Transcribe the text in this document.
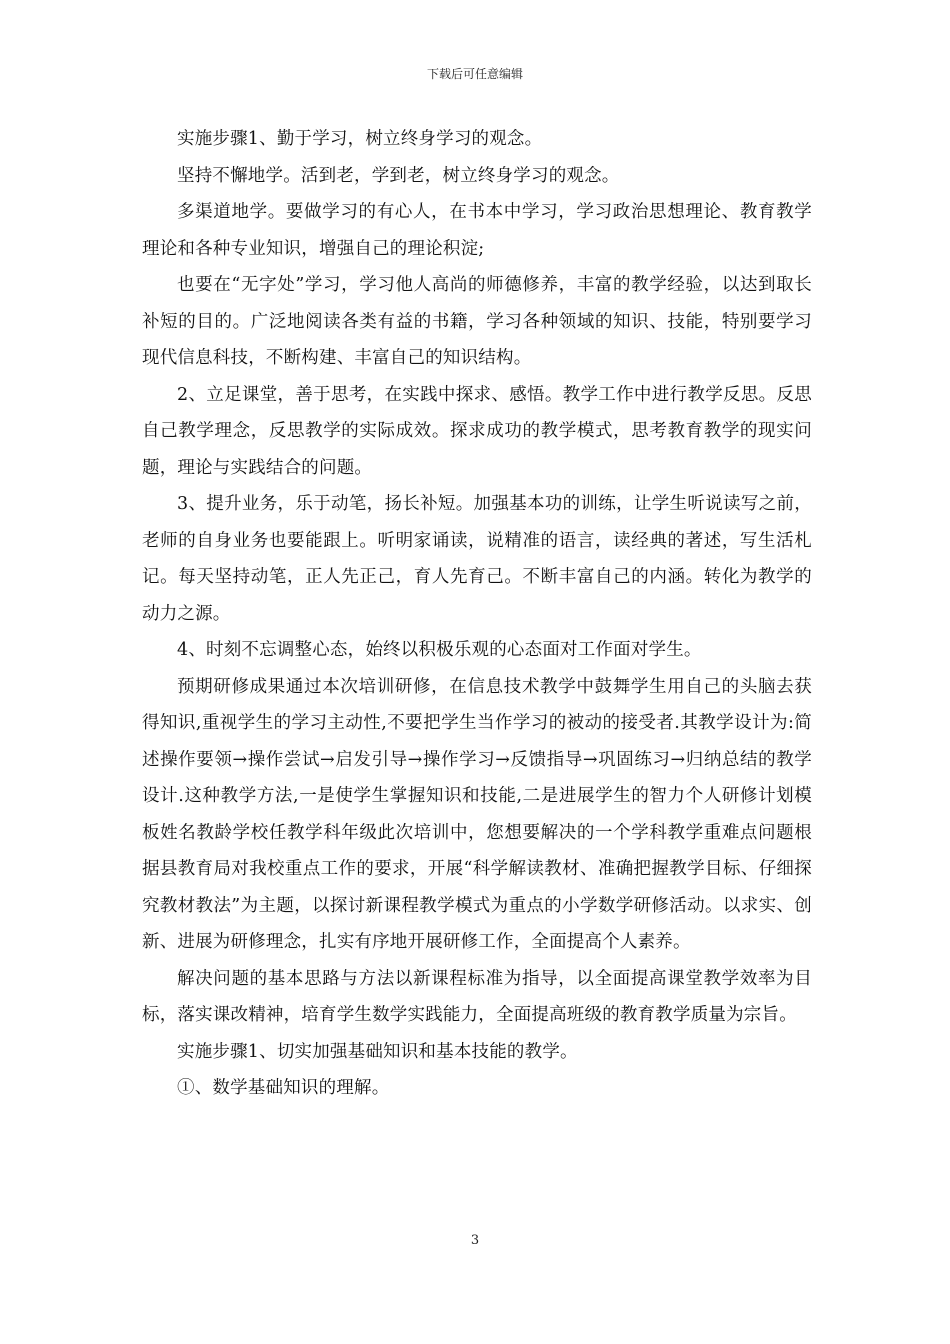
下载后可任意编辑

实施步骤1、勤于学习，树立终身学习的观念。

坚持不懈地学。活到老，学到老，树立终身学习的观念。

多渠道地学。要做学习的有心人，在书本中学习，学习政治思想理论、教育教学理论和各种专业知识，增强自己的理论积淀;

也要在“无字处”学习，学习他人高尚的师德修养，丰富的教学经验，以达到取长补短的目的。广泛地阅读各类有益的书籍，学习各种领域的知识、技能，特别要学习现代信息科技，不断构建、丰富自己的知识结构。

2、立足课堂，善于思考，在实践中探求、感悟。教学工作中进行教学反思。反思自己教学理念，反思教学的实际成效。探求成功的教学模式，思考教育教学的现实问题，理论与实践结合的问题。

3、提升业务，乐于动笔，扬长补短。加强基本功的训练，让学生听说读写之前，老师的自身业务也要能跟上。听明家诵读，说精准的语言，读经典的著述，写生活札记。每天坚持动笔，正人先正己，育人先育己。不断丰富自己的内涵。转化为教学的动力之源。

4、时刻不忘调整心态，始终以积极乐观的心态面对工作面对学生。

预期研修成果通过本次培训研修，在信息技术教学中鼓舞学生用自己的头脑去获得知识,重视学生的学习主动性,不要把学生当作学习的被动的接受者.其教学设计为:简述操作要领→操作尝试→启发引导→操作学习→反馈指导→巩固练习→归纳总结的教学设计.这种教学方法,一是使学生掌握知识和技能,二是进展学生的智力个人研修计划模板姓名教龄学校任教学科年级此次培训中，您想要解决的一个学科教学重难点问题根据县教育局对我校重点工作的要求，开展“科学解读教材、准确把握教学目标、仔细探究教材教法”为主题，以探讨新课程教学模式为重点的小学数学研修活动。以求实、创新、进展为研修理念，扎实有序地开展研修工作，全面提高个人素养。

解决问题的基本思路与方法以新课程标准为指导，以全面提高课堂教学效率为目标，落实课改精神，培育学生数学实践能力，全面提高班级的教育教学质量为宗旨。

实施步骤1、切实加强基础知识和基本技能的教学。

①、数学基础知识的理解。

3
